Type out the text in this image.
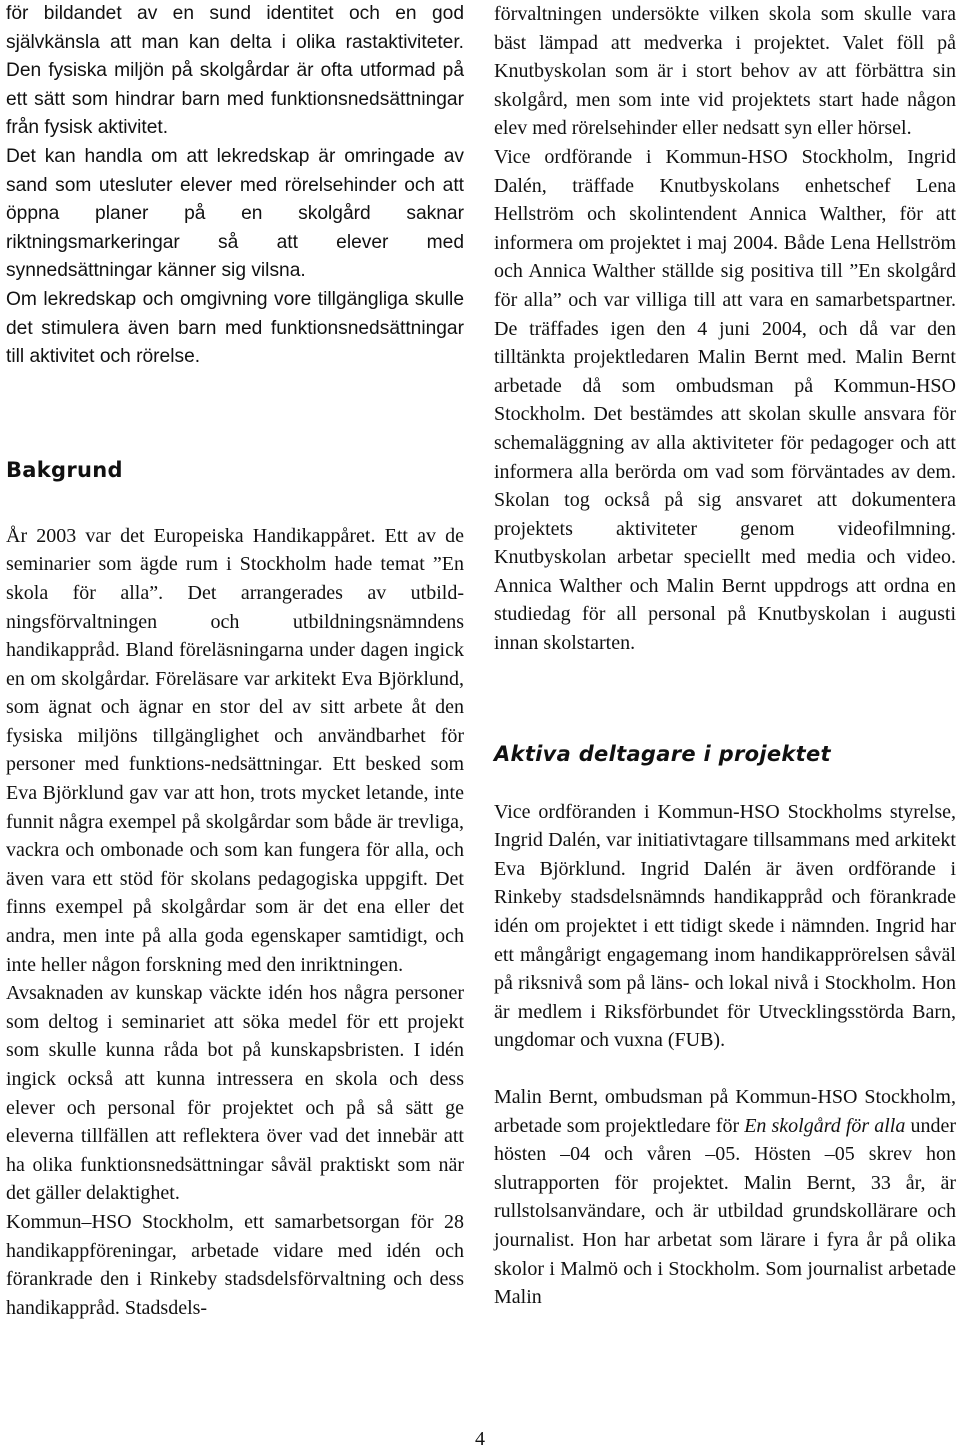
för bildandet av en sund identitet och en god självkänsla att man kan delta i olika rastaktiviteter. Den fysiska miljön på skolgårdar är ofta utformad på ett sätt som hindrar barn med funktionsnedsättningar från fysisk aktivitet.

Det kan handla om att lekredskap är omringade av sand som utesluter elever med rörelsehinder och att öppna planer på en skolgård saknar riktningsmarkeringar så att elever med synnedsättningar känner sig vilsna.

Om lekredskap och omgivning vore tillgängliga skulle det stimulera även barn med funktionsnedsättningar till aktivitet och rörelse.

Bakgrund

År 2003 var det Europeiska Handikappåret. Ett av de seminarier som ägde rum i Stockholm hade temat ”En skola för alla”. Det arrangerades av utbild-ningsförvaltningen och utbildningsnämndens handikappråd. Bland föreläsningarna under dagen ingick en om skolgårdar. Föreläsare var arkitekt Eva Björklund, som ägnat och ägnar en stor del av sitt arbete åt den fysiska miljöns tillgänglighet och användbarhet för personer med funktions-nedsättningar. Ett besked som Eva Björklund gav var att hon, trots mycket letande, inte funnit några exempel på skolgårdar som både är trevliga, vackra och ombonade och som kan fungera för alla, och även vara ett stöd för skolans pedagogiska uppgift. Det finns exempel på skolgårdar som är det ena eller det andra, men inte på alla goda egenskaper samtidigt, och inte heller någon forskning med den inriktningen.

Avsaknaden av kunskap väckte idén hos några personer som deltog i seminariet att söka medel för ett projekt som skulle kunna råda bot på kunskapsbristen. I idén ingick också att kunna intressera en skola och dess elever och personal för projektet och på så sätt ge eleverna tillfällen att reflektera över vad det innebär att ha olika funktionsnedsättningar såväl praktiskt som när det gäller delaktighet.

Kommun–HSO Stockholm, ett samarbetsorgan för 28 handikappföreningar, arbetade vidare med idén och förankrade den i Rinkeby stadsdelsförvaltning och dess handikappråd. Stadsdels-

förvaltningen undersökte vilken skola som skulle vara bäst lämpad att medverka i projektet. Valet föll på Knutbyskolan som är i stort behov av att förbättra sin skolgård, men som inte vid projektets start hade någon elev med rörelsehinder eller nedsatt syn eller hörsel.

Vice ordförande i Kommun-HSO Stockholm, Ingrid Dalén, träffade Knutbyskolans enhetschef Lena Hellström och skolintendent Annica Walther, för att informera om projektet i maj 2004. Både Lena Hellström och Annica Walther ställde sig positiva till ”En skolgård för alla” och var villiga till att vara en samarbetspartner. De träffades igen den 4 juni 2004, och då var den tilltänkta projektledaren Malin Bernt med. Malin Bernt arbetade då som ombudsman på Kommun-HSO Stockholm. Det bestämdes att skolan skulle ansvara för schemaläggning av alla aktiviteter för pedagoger och att informera alla berörda om vad som förväntades av dem. Skolan tog också på sig ansvaret att dokumentera projektets aktiviteter genom videofilmning. Knutbyskolan arbetar speciellt med media och video. Annica Walther och Malin Bernt uppdrogs att ordna en studiedag för all personal på Knutbyskolan i augusti innan skolstarten.

Aktiva deltagare i projektet

Vice ordföranden i Kommun-HSO Stockholms styrelse, Ingrid Dalén, var initiativtagare tillsammans med arkitekt Eva Björklund. Ingrid Dalén är även ordförande i Rinkeby stadsdelsnämnds handikappråd och förankrade idén om projektet i ett tidigt skede i nämnden. Ingrid har ett mångårigt engagemang inom handikapprörelsen såväl på riksnivå som på läns- och lokal nivå i Stockholm. Hon är medlem i Riksförbundet för Utvecklingsstörda Barn, ungdomar och vuxna (FUB).

Malin Bernt, ombudsman på Kommun-HSO Stockholm, arbetade som projektledare för En skolgård för alla under hösten –04 och våren –05. Hösten –05 skrev hon slutrapporten för projektet. Malin Bernt, 33 år, är rullstolsanvändare, och är utbildad grundskollärare och journalist. Hon har arbetat som lärare i fyra år på olika skolor i Malmö och i Stockholm. Som journalist arbetade Malin

4
